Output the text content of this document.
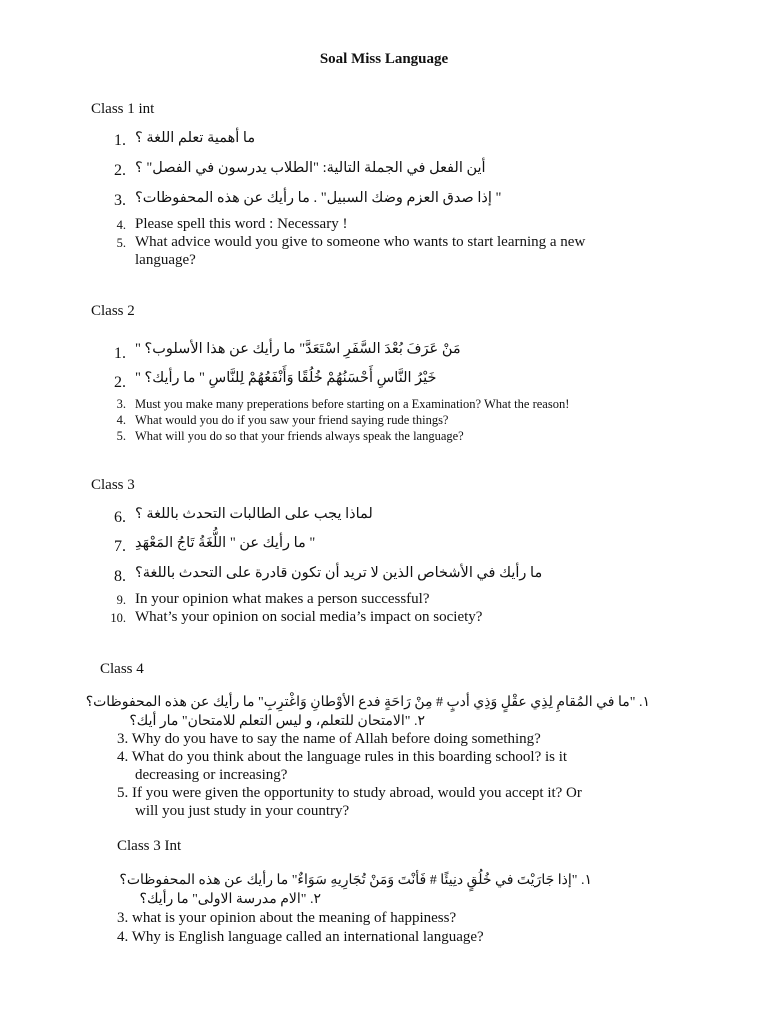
Soal Miss Language
Class 1 int
1. ما أهمية تعلم اللغة ؟
2. أين الفعل في الجملة التالية: "الطلاب يدرسون في الفصل" ؟
3. " إذا صدق العزم وضك السبيل" . ما رأيك عن هذه المحفوظات؟
4. Please spell this word : Necessary !
5. What advice would you give to someone who wants to start learning a new
language?
Class 2
1. مَنْ عَرَفَ بُعْدَ السَّفَرِ اسْتَعَدَّ" ما رأيك عن هذا الأسلوب؟ "
2. خَيْرُ النَّاسِ أَحْسَنُهُمْ خُلُقًا وَأَنْفَعُهُمْ لِلنَّاسِ " ما رأيك؟ "
3. Must you make many preperations before starting on a Examination? What the reason!
4. What would you do if you saw your friend saying rude things?
5. What will you do so that your friends always speak the language?
Class 3
6. لماذا يجب على الطالبات التحدث باللغة ؟
7. " ما رأيك عن " اللُّغَةُ تَاجُ المَعْهَدِ
8. ما رأيك في الأشخاص الذين لا تريد أن تكون قادرة على التحدث باللغة؟
9. In your opinion what makes a person successful?
10. What’s your opinion on social media’s impact on society?
Class 4
١. "ما في المُقامِ لِذِي عقْلٍ وَذِي أدبٍ # مِنْ رَاحَةٍ فدع الأوْطانِ وَاغْترِبِ" ما رأيك عن هذه المحفوظات؟
٢. "الامتحان للتعلم، و ليس التعلم للامتحان" مار أيك؟
3. Why do you have to say the name of Allah before doing something?
4. What do you think about the language rules in this boarding school? is it
decreasing or increasing?
5. If you were given the opportunity to study abroad, would you accept it? Or
will you just study in your country?
Class 3 Int
١. "إذا جَارَيْتَ في خُلُقٍ دنِيئًا # فَأنْتَ وَمَنْ تُجَارِيهِ سَوَاءٌ" ما رأيك عن هذه المحفوظات؟
٢. "الام مدرسة الاولى" ما رأيك؟
3. what is your opinion about the meaning of happiness?
4. Why is English language called an international language?
